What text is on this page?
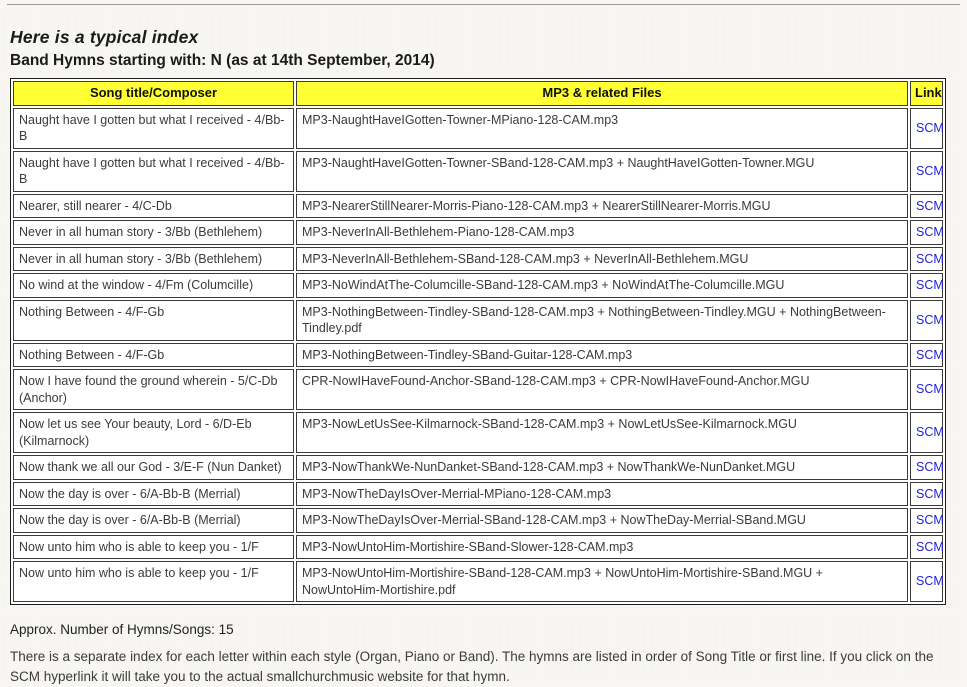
Here is a typical index
Band Hymns starting with: N (as at 14th September, 2014)
Song title/Composer	MP3 & related Files	Link
Naught have I gotten but what I received - 4/Bb-B	MP3-NaughtHaveIGotten-Towner-MPiano-128-CAM.mp3	SCM
Naught have I gotten but what I received - 4/Bb-B	MP3-NaughtHaveIGotten-Towner-SBand-128-CAM.mp3 + NaughtHaveIGotten-Towner.MGU	SCM
Nearer, still nearer - 4/C-Db	MP3-NearerStillNearer-Morris-Piano-128-CAM.mp3 + NearerStillNearer-Morris.MGU	SCM
Never in all human story - 3/Bb (Bethlehem)	MP3-NeverInAll-Bethlehem-Piano-128-CAM.mp3	SCM
Never in all human story - 3/Bb (Bethlehem)	MP3-NeverInAll-Bethlehem-SBand-128-CAM.mp3 + NeverInAll-Bethlehem.MGU	SCM
No wind at the window - 4/Fm (Columcille)	MP3-NoWindAtThe-Columcille-SBand-128-CAM.mp3 + NoWindAtThe-Columcille.MGU	SCM
Nothing Between - 4/F-Gb	MP3-NothingBetween-Tindley-SBand-128-CAM.mp3 + NothingBetween-Tindley.MGU + NothingBetween-Tindley.pdf	SCM
Nothing Between - 4/F-Gb	MP3-NothingBetween-Tindley-SBand-Guitar-128-CAM.mp3	SCM
Now I have found the ground wherein - 5/C-Db (Anchor)	CPR-NowIHaveFound-Anchor-SBand-128-CAM.mp3 + CPR-NowIHaveFound-Anchor.MGU	SCM
Now let us see Your beauty, Lord - 6/D-Eb (Kilmarnock)	MP3-NowLetUsSee-Kilmarnock-SBand-128-CAM.mp3 + NowLetUsSee-Kilmarnock.MGU	SCM
Now thank we all our God - 3/E-F (Nun Danket)	MP3-NowThankWe-NunDanket-SBand-128-CAM.mp3 + NowThankWe-NunDanket.MGU	SCM
Now the day is over - 6/A-Bb-B (Merrial)	MP3-NowTheDayIsOver-Merrial-MPiano-128-CAM.mp3	SCM
Now the day is over - 6/A-Bb-B (Merrial)	MP3-NowTheDayIsOver-Merrial-SBand-128-CAM.mp3 + NowTheDay-Merrial-SBand.MGU	SCM
Now unto him who is able to keep you - 1/F	MP3-NowUntoHim-Mortishire-SBand-Slower-128-CAM.mp3	SCM
Now unto him who is able to keep you - 1/F	MP3-NowUntoHim-Mortishire-SBand-128-CAM.mp3 + NowUntoHim-Mortishire-SBand.MGU + NowUntoHim-Mortishire.pdf	SCM

Approx. Number of Hymns/Songs: 15

There is a separate index for each letter within each style (Organ, Piano or Band). The hymns are listed in order of Song Title or first line. If you click on the SCM hyperlink it will take you to the actual smallchurchmusic website for that hymn.
